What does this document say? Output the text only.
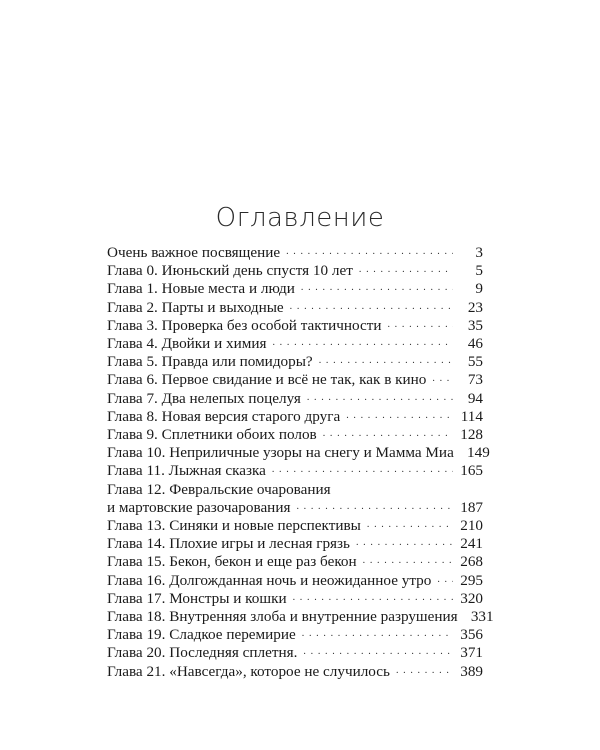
Оглавление
Очень важное посвящение . . .	3
Глава 0. Июньский день спустя 10 лет . . .	5
Глава 1. Новые места и люди . . .	9
Глава 2. Парты и выходные . . .	23
Глава 3. Проверка без особой тактичности . . .	35
Глава 4. Двойки и химия . . .	46
Глава 5. Правда или помидоры? . . .	55
Глава 6. Первое свидание и всё не так, как в кино . . .	73
Глава 7. Два нелепых поцелуя . . .	94
Глава 8. Новая версия старого друга . . .	114
Глава 9. Сплетники обоих полов . . .	128
Глава 10. Неприличные узоры на снегу и Мамма Миа 149
Глава 11. Лыжная сказка . . .	165
Глава 12. Февральские очарования
и мартовские разочарования . . .	187
Глава 13. Синяки и новые перспективы . . .	210
Глава 14. Плохие игры и лесная грязь . . .	241
Глава 15. Бекон, бекон и еще раз бекон . . .	268
Глава 16. Долгожданная ночь и неожиданное утро . . .	295
Глава 17. Монстры и кошки . . .	320
Глава 18. Внутренняя злоба и внутренние разрушения 331
Глава 19. Сладкое перемирие . . .	356
Глава 20. Последняя сплетня. . . .	371
Глава 21. «Навсегда», которое не случилось . . .	389
